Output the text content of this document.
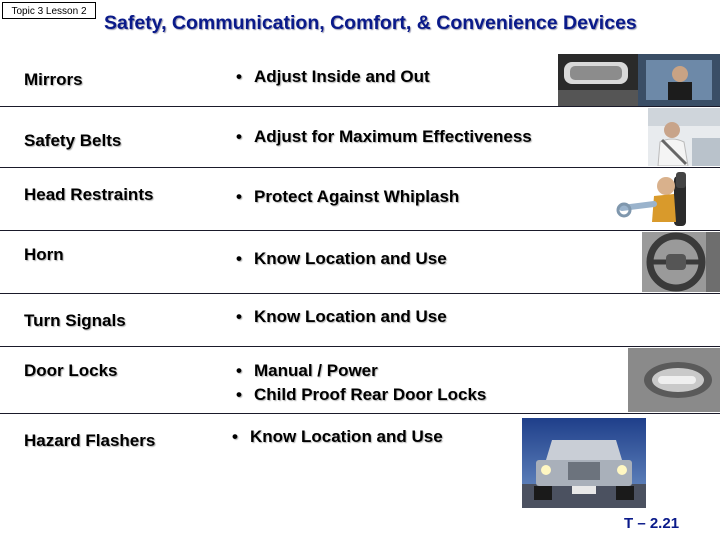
Topic 3 Lesson 2
Safety, Communication, Comfort, & Convenience Devices
Mirrors	• Adjust Inside and Out
Safety Belts	• Adjust for Maximum Effectiveness
Head Restraints	• Protect Against Whiplash
Horn	• Know Location and Use
Turn Signals	• Know Location and Use
Door Locks	• Manual / Power
• Child Proof Rear Door Locks
Hazard Flashers	• Know Location and Use
T – 2.21
